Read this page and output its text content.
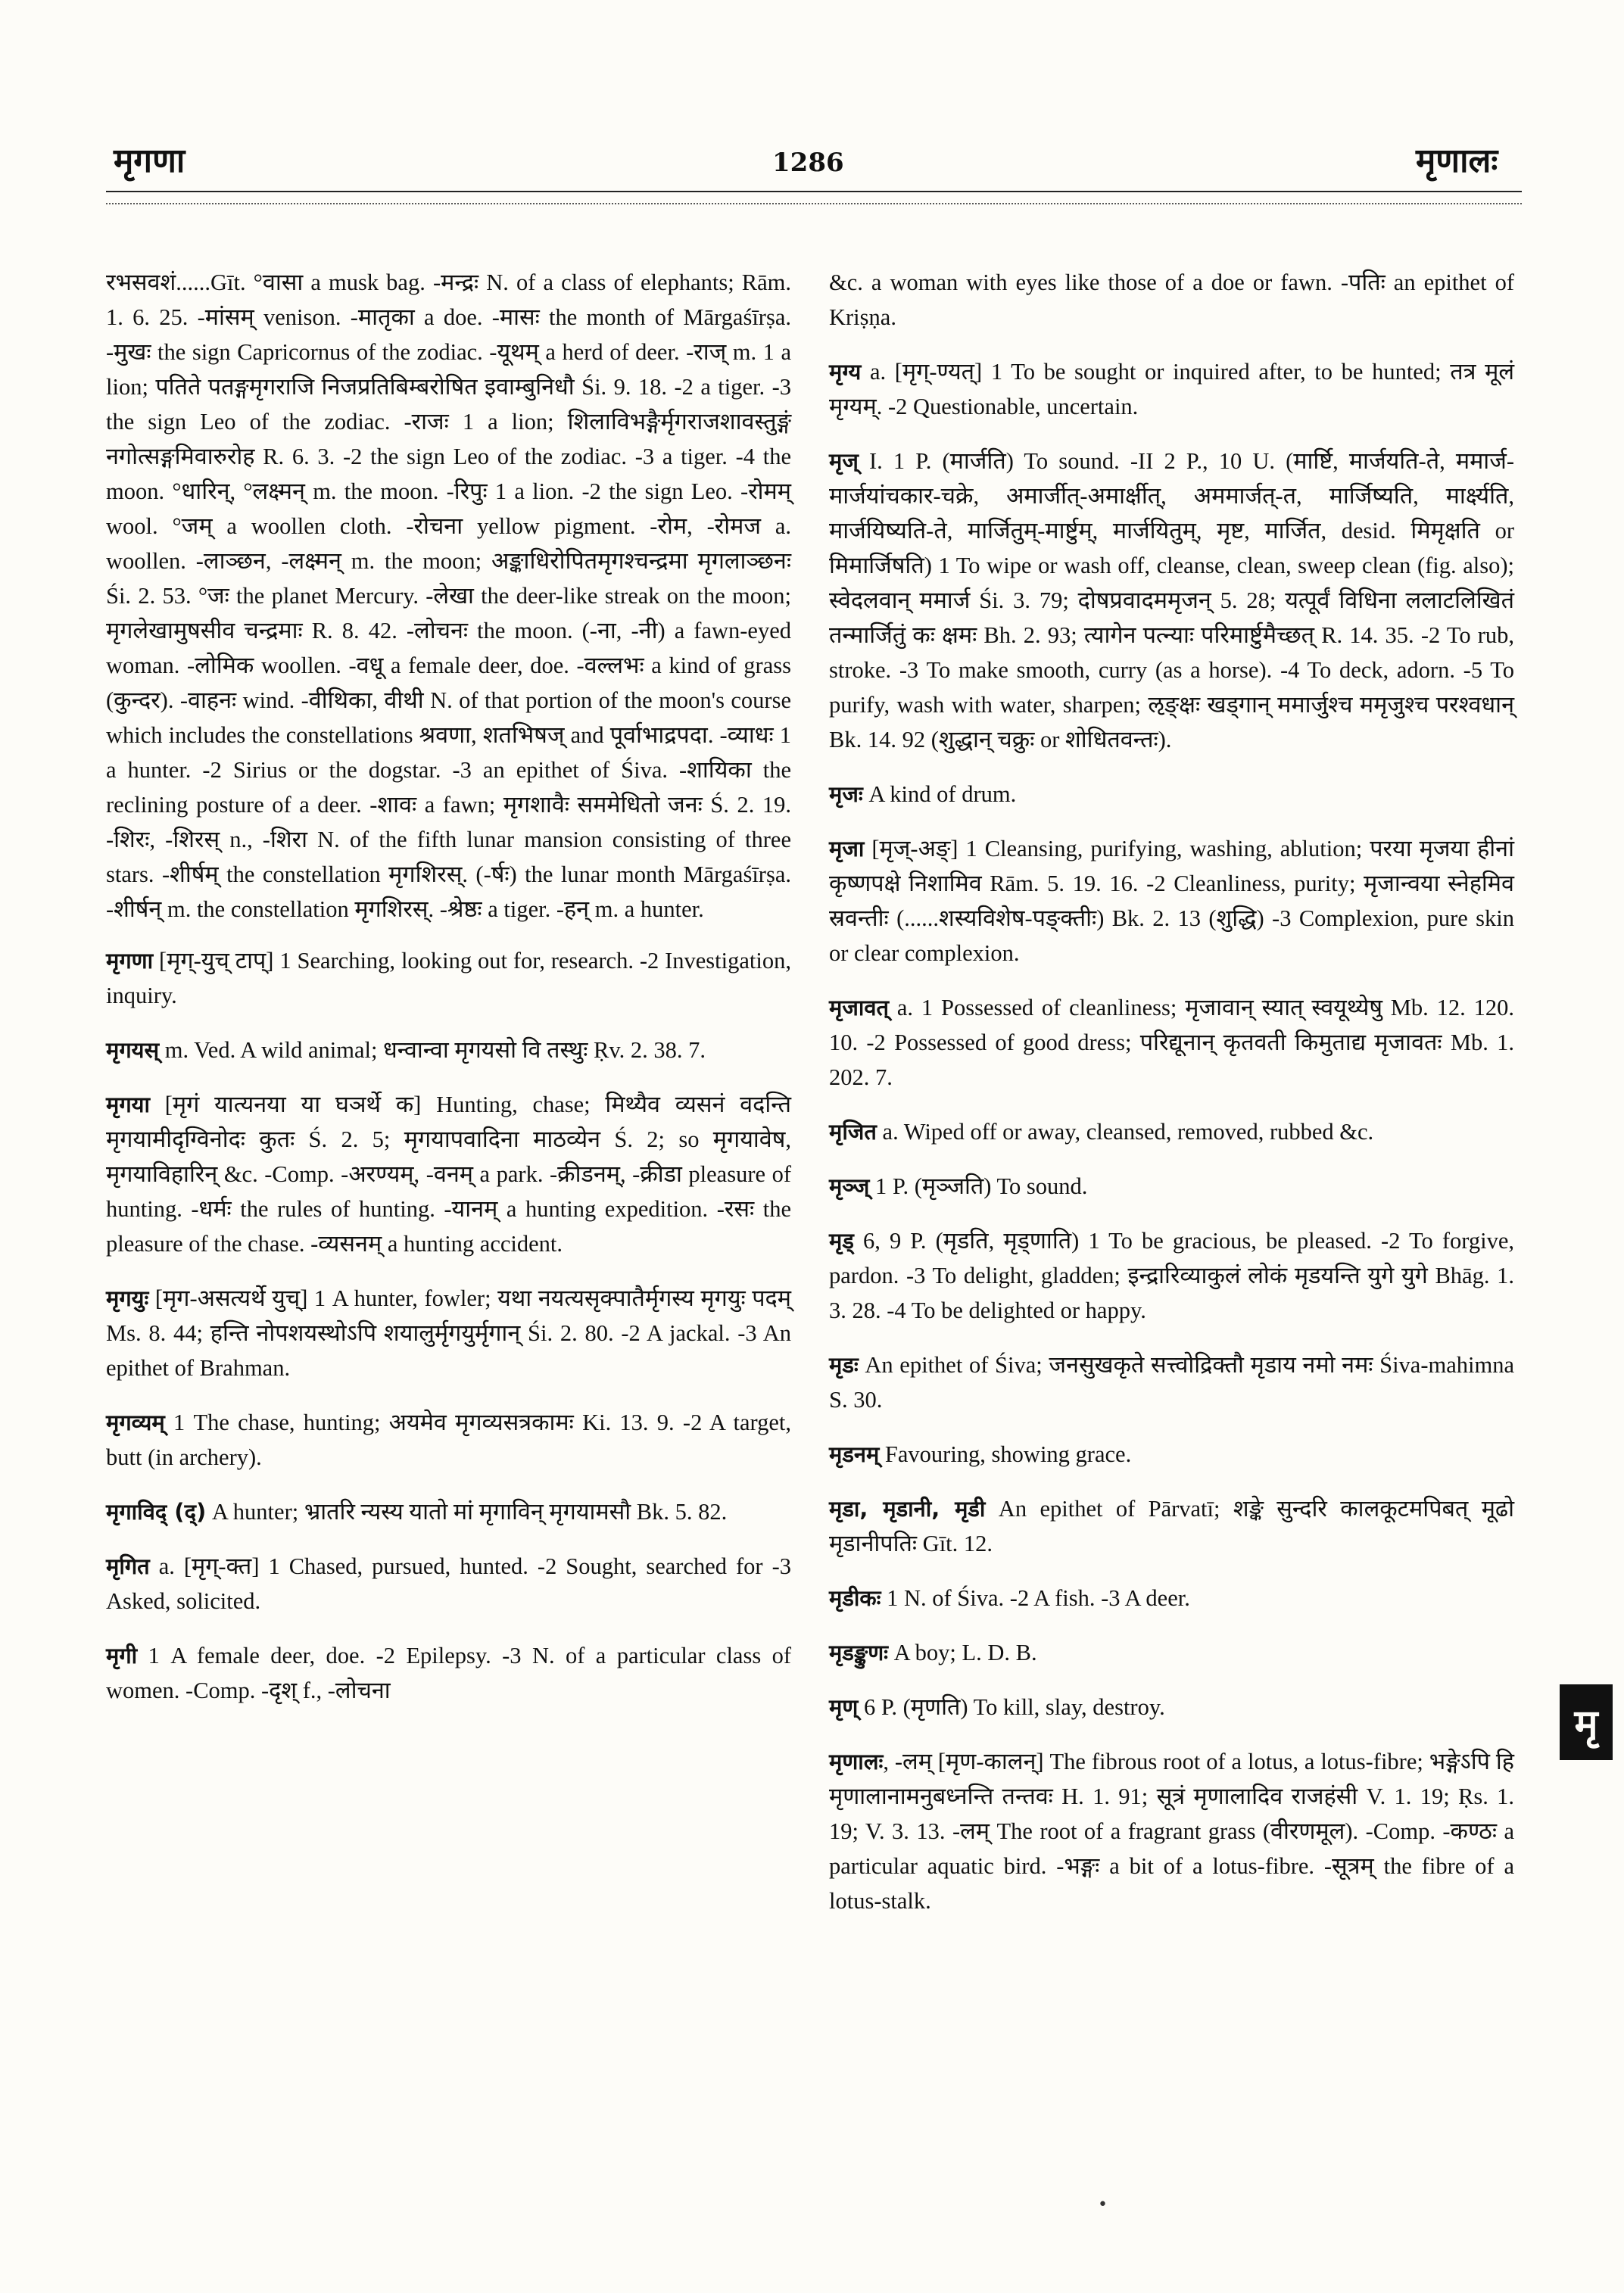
मृगणा	1286	मृणालः

रभसवशं......Gīt. °वासा a musk bag. -मन्द्रः N. of a class of elephants; Rām. 1. 6. 25. -मांसम् venison. -मातृका a doe. -मासः the month of Mārgaśīrṣa. -मुखः the sign Capricornus of the zodiac. -यूथम् a herd of deer. -राज् m. 1 a lion; पतिते पतङ्गमृगराजि निजप्रतिबिम्बरोषित इवाम्बुनिधौ Śi. 9. 18. -2 a tiger. -3 the sign Leo of the zodiac. -राजः 1 a lion; शिलाविभङ्गैर्मृगराजशावस्तुङ्गं नगोत्सङ्गमिवारुरोह R. 6. 3. -2 the sign Leo of the zodiac. -3 a tiger. -4 the moon. °धारिन्, °लक्ष्मन् m. the moon. -रिपुः 1 a lion. -2 the sign Leo. -रोमम् wool. °जम् a woollen cloth. -रोचना yellow pigment. -रोम, -रोमज a. woollen. -लाञ्छन, -लक्ष्मन् m. the moon; अङ्काधिरोपितमृगश्चन्द्रमा मृगलाञ्छनः Śi. 2. 53. °जः the planet Mercury. -लेखा the deer-like streak on the moon; मृगलेखामुषसीव चन्द्रमाः R. 8. 42. -लोचनः the moon. (-ना, -नी) a fawn-eyed woman. -लोमिक woollen. -वधू a female deer, doe. -वल्लभः a kind of grass (कुन्दर). -वाहनः wind. -वीथिका, वीथी N. of that portion of the moon's course which includes the constellations श्रवणा, शतभिषज् and पूर्वाभाद्रपदा. -व्याधः 1 a hunter. -2 Sirius or the dogstar. -3 an epithet of Śiva. -शायिका the reclining posture of a deer. -शावः a fawn; मृगशावैः सममेधितो जनः Ś. 2. 19. -शिरः, -शिरस् n., -शिरा N. of the fifth lunar mansion consisting of three stars. -शीर्षम् the constellation मृगशिरस्. (-र्षः) the lunar month Mārgaśīrṣa. -शीर्षन् m. the constellation मृगशिरस्. -श्रेष्ठः a tiger. -हन् m. a hunter.

मृगणा [मृग्-युच् टाप्] 1 Searching, looking out for, research. -2 Investigation, inquiry.

मृगयस् m. Ved. A wild animal; धन्वान्वा मृगयसो वि तस्थुः Ṛv. 2. 38. 7.

मृगया [मृगं यात्यनया या घञर्थे क] Hunting, chase; मिथ्यैव व्यसनं वदन्ति मृगयामीदृग्विनोदः कुतः Ś. 2. 5; मृगयापवादिना माठव्येन Ś. 2; so मृगयावेष, मृगयाविहारिन् &c. -Comp. -अरण्यम्, -वनम् a park. -क्रीडनम्, -क्रीडा pleasure of hunting. -धर्मः the rules of hunting. -यानम् a hunting expedition. -रसः the pleasure of the chase. -व्यसनम् a hunting accident.

मृगयुः [मृग-असत्यर्थे युच्] 1 A hunter, fowler; यथा नयत्यसृक्पातैर्मृगस्य मृगयुः पदम् Ms. 8. 44; हन्ति नोपशयस्थोऽपि शयालुर्मृगयुर्मृगान् Śi. 2. 80. -2 A jackal. -3 An epithet of Brahman.

मृगव्यम् 1 The chase, hunting; अयमेव मृगव्यसत्रकामः Ki. 13. 9. -2 A target, butt (in archery).

मृगाविद् (द्) A hunter; भ्रातरि न्यस्य यातो मां मृगाविन् मृगयामसौ Bk. 5. 82.

मृगित a. [मृग्-क्त] 1 Chased, pursued, hunted. -2 Sought, searched for -3 Asked, solicited.

मृगी 1 A female deer, doe. -2 Epilepsy. -3 N. of a particular class of women. -Comp. -दृश् f., -लोचना

&c. a woman with eyes like those of a doe or fawn. -पतिः an epithet of Kriṣṇa.

मृग्य a. [मृग्-ण्यत्] 1 To be sought or inquired after, to be hunted; तत्र मूलं मृग्यम्. -2 Questionable, uncertain.

मृज् I. 1 P. (मार्जति) To sound. -II 2 P., 10 U. (मार्ष्टि, मार्जयति-ते, ममार्ज-मार्जयांचकार-चक्रे, अमार्जीत्-अमार्क्षीत्, अममार्जत्-त, मार्जिष्यति, मार्क्ष्यति, मार्जयिष्यति-ते, मार्जितुम्-मार्ष्टुम्, मार्जयितुम्, मृष्ट, मार्जित, desid. मिमृक्षति or मिमार्जिषति) 1 To wipe or wash off, cleanse, clean, sweep clean (fig. also); स्वेदलवान् ममार्ज Śi. 3. 79; दोषप्रवादममृजन् 5. 28; यत्पूर्वं विधिना ललाटलिखितं तन्मार्जितुं कः क्षमः Bh. 2. 93; त्यागेन पत्न्याः परिमार्ष्टुमैच्छत् R. 14. 35. -2 To rub, stroke. -3 To make smooth, curry (as a horse). -4 To deck, adorn. -5 To purify, wash with water, sharpen; ऌङ्क्षः खड्गान् ममार्जुश्च ममृजुश्च परश्वधान् Bk. 14. 92 (शुद्धान् चक्रुः or शोधितवन्तः).

मृजः A kind of drum.

मृजा [मृज्-अङ्] 1 Cleansing, purifying, washing, ablution; परया मृजया हीनां कृष्णपक्षे निशामिव Rām. 5. 19. 16. -2 Cleanliness, purity; मृजान्वया स्नेहमिव स्रवन्तीः (......शस्यविशेष-पङ्क्तीः) Bk. 2. 13 (शुद्धि) -3 Complexion, pure skin or clear complexion.

मृजावत् a. 1 Possessed of cleanliness; मृजावान् स्यात् स्वयूथ्येषु Mb. 12. 120. 10. -2 Possessed of good dress; परिद्यूनान् कृतवती किमुताद्य मृजावतः Mb. 1. 202. 7.

मृजित a. Wiped off or away, cleansed, removed, rubbed &c.

मृञ्ज् 1 P. (मृञ्जति) To sound.

मृड् 6, 9 P. (मृडति, मृड्णाति) 1 To be gracious, be pleased. -2 To forgive, pardon. -3 To delight, gladden; इन्द्रारिव्याकुलं लोकं मृडयन्ति युगे युगे Bhāg. 1. 3. 28. -4 To be delighted or happy.

मृडः An epithet of Śiva; जनसुखकृते सत्त्वोद्रिक्तौ मृडाय नमो नमः Śiva-mahimna S. 30.

मृडनम् Favouring, showing grace.

मृडा, मृडानी, मृडी An epithet of Pārvatī; शङ्के सुन्दरि कालकूटमपिबत् मूढो मृडानीपतिः Gīt. 12.

मृडीकः 1 N. of Śiva. -2 A fish. -3 A deer.

मृडङ्कुणः A boy; L. D. B.

मृण् 6 P. (मृणति) To kill, slay, destroy.

मृणालः, -लम् [मृण-कालन्] The fibrous root of a lotus, a lotus-fibre; भङ्गेऽपि हि मृणालानामनुबध्नन्ति तन्तवः H. 1. 91; सूत्रं मृणालादिव राजहंसी V. 1. 19; Ṛs. 1. 19; V. 3. 13. -लम् The root of a fragrant grass (वीरणमूल). -Comp. -कण्ठः a particular aquatic bird. -भङ्गः a bit of a lotus-fibre. -सूत्रम् the fibre of a lotus-stalk.

मृ
•
